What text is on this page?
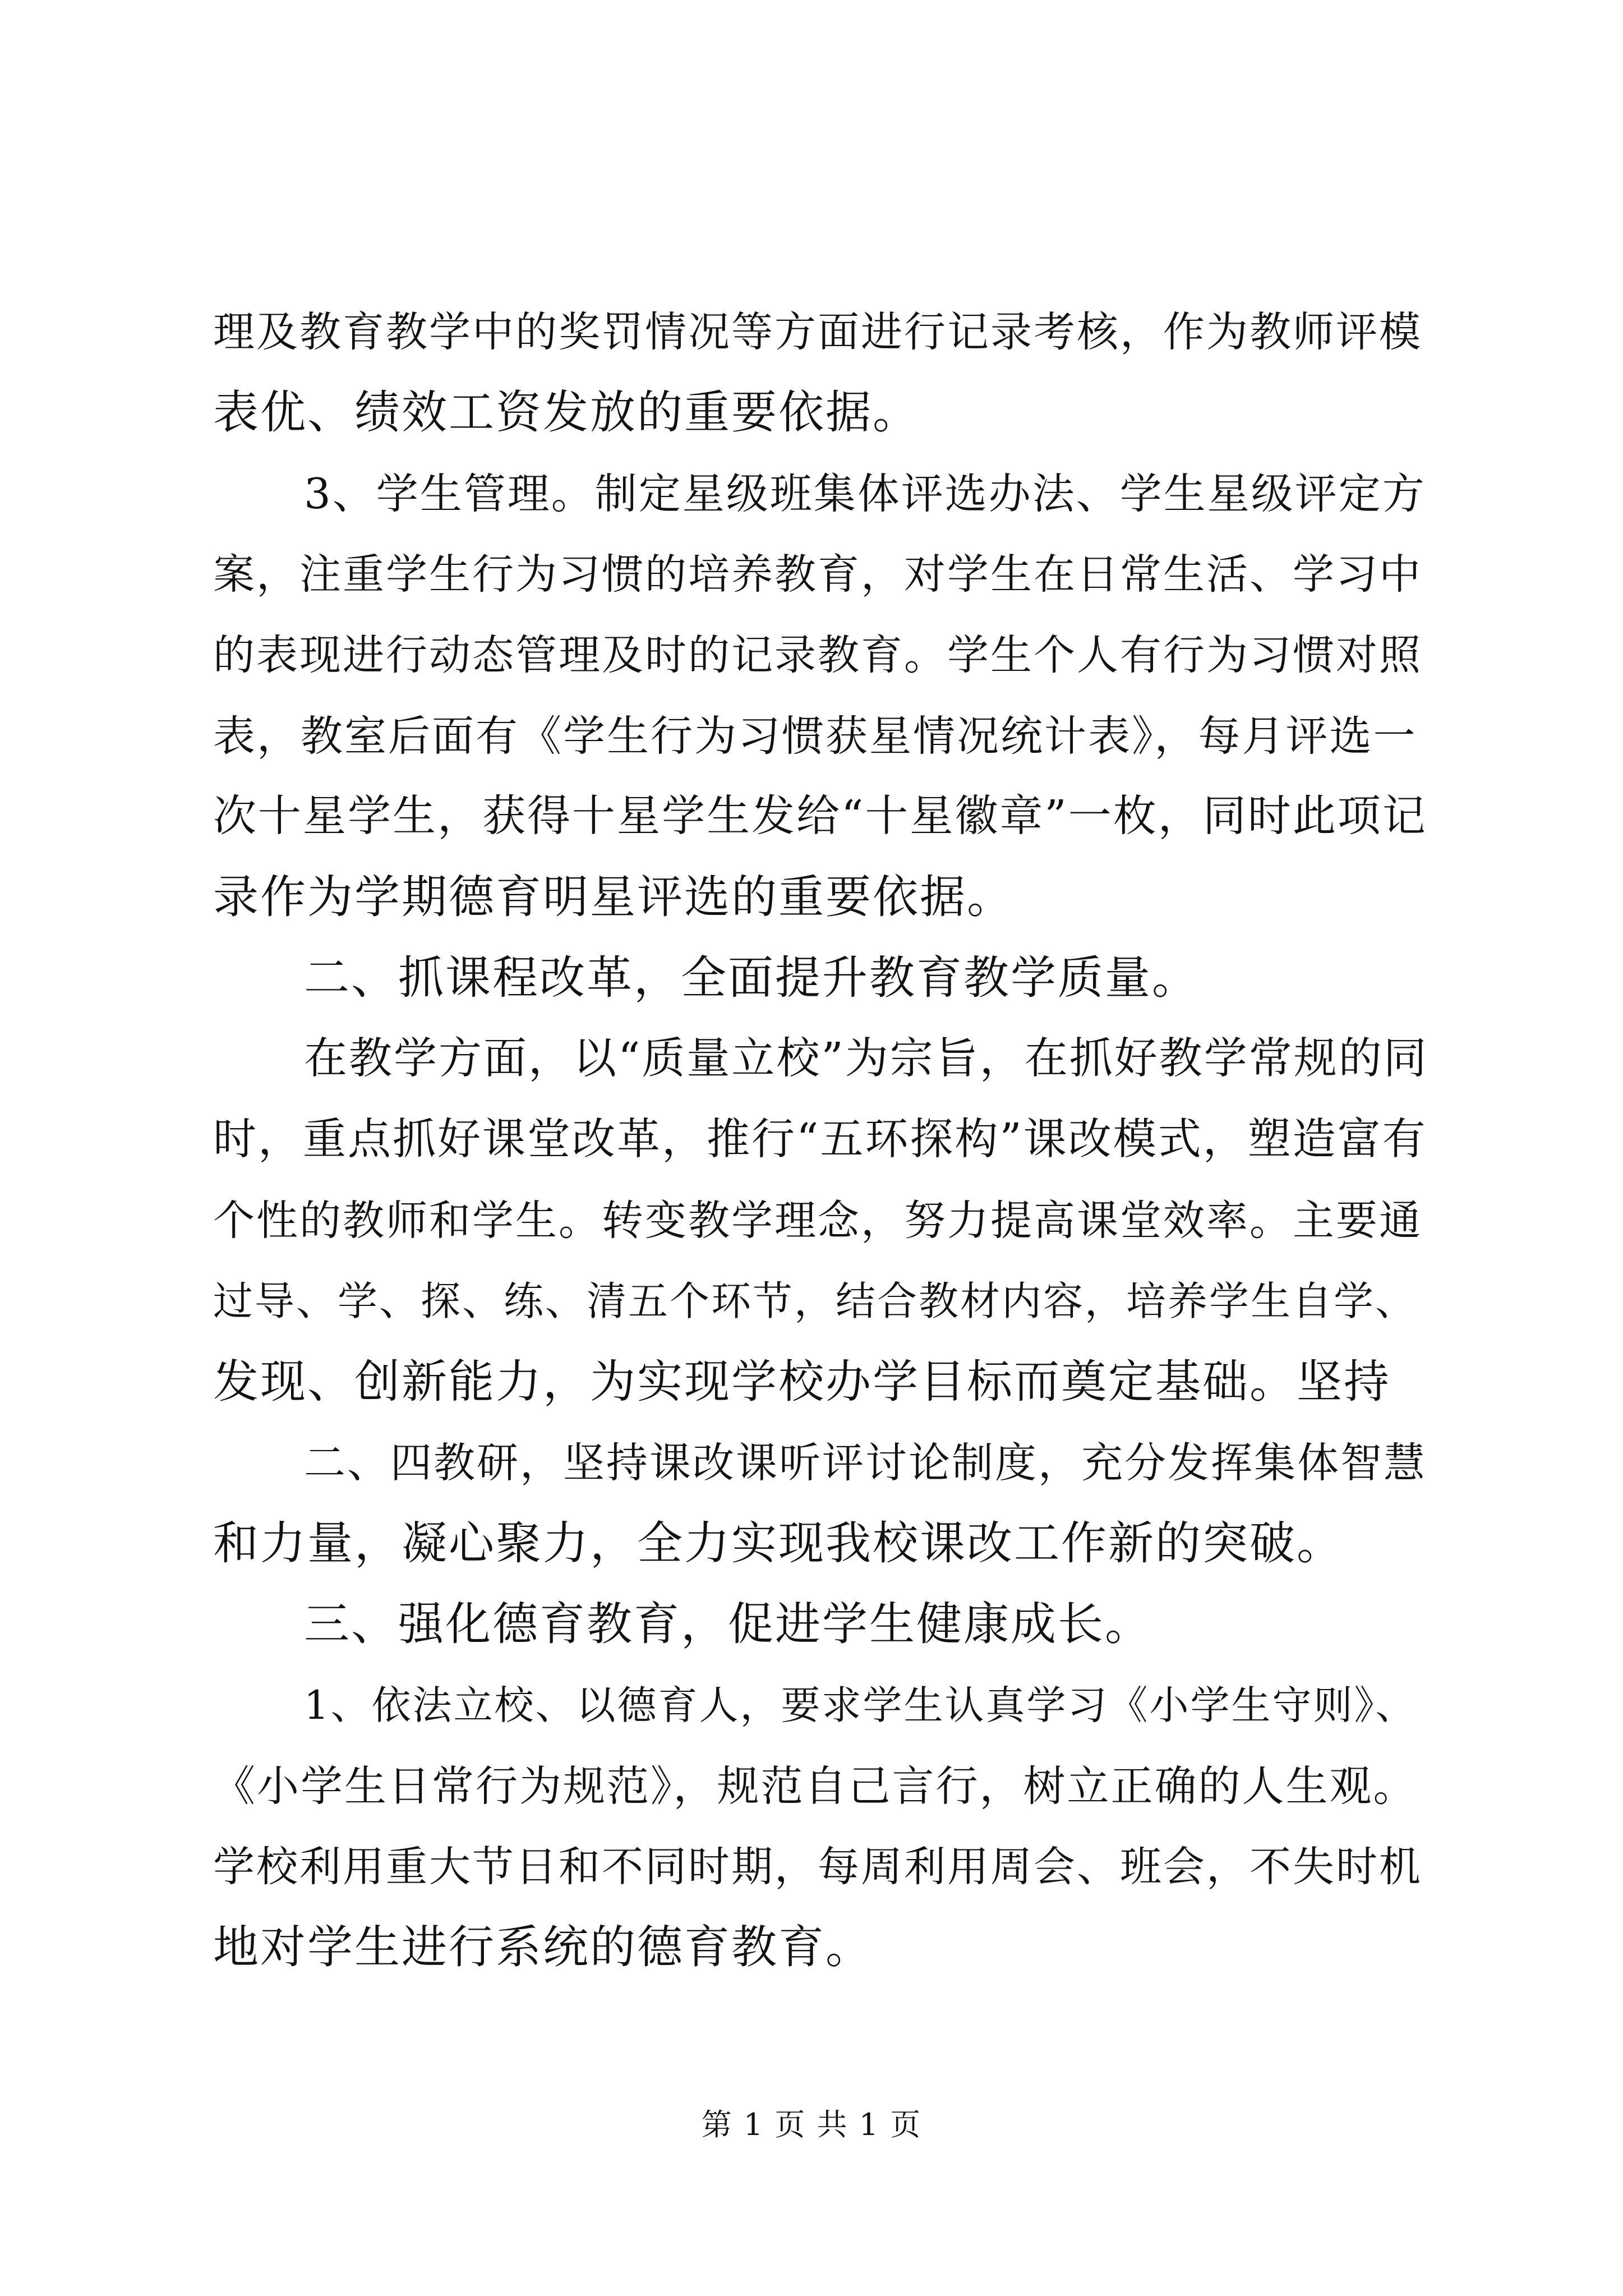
理及教育教学中的奖罚情况等方面进行记录考核，作为教师评模
表优、绩效工资发放的重要依据。
3、学生管理。制定星级班集体评选办法、学生星级评定方
案，注重学生行为习惯的培养教育，对学生在日常生活、学习中
的表现进行动态管理及时的记录教育。学生个人有行为习惯对照
表，教室后面有《学生行为习惯获星情况统计表》，每月评选一
次十星学生，获得十星学生发给“十星徽章”一枚，同时此项记
录作为学期德育明星评选的重要依据。
二、抓课程改革，全面提升教育教学质量。
在教学方面，以“质量立校”为宗旨，在抓好教学常规的同
时，重点抓好课堂改革，推行“五环探构”课改模式，塑造富有
个性的教师和学生。转变教学理念，努力提高课堂效率。主要通
过导、学、探、练、清五个环节，结合教材内容，培养学生自学、
发现、创新能力，为实现学校办学目标而奠定基础。坚持
二、四教研，坚持课改课听评讨论制度，充分发挥集体智慧
和力量，凝心聚力，全力实现我校课改工作新的突破。
三、强化德育教育，促进学生健康成长。
1、依法立校、以德育人，要求学生认真学习《小学生守则》、
《小学生日常行为规范》，规范自己言行，树立正确的人生观。
学校利用重大节日和不同时期，每周利用周会、班会，不失时机
地对学生进行系统的德育教育。
第 1 页 共 1 页
